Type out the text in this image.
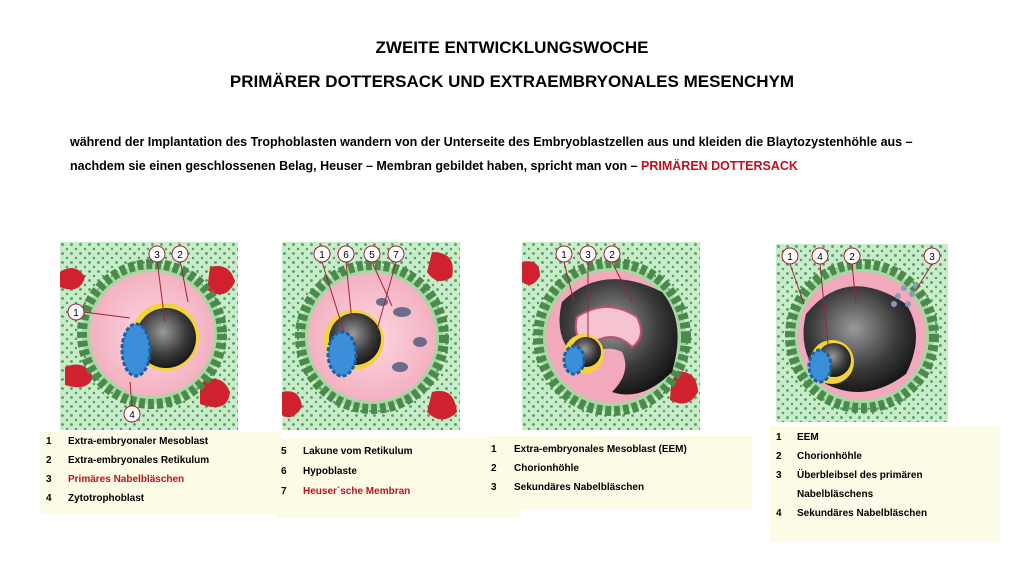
ZWEITE ENTWICKLUNGSWOCHE
PRIMÄRER DOTTERSACK UND EXTRAEMBRYONALES MESENCHYM
während der Implantation des Trophoblasten wandern von der Unterseite des Embryoblastzellen aus und kleiden die Blaytozystenhöhle aus –
nachdem sie einen geschlossenen Belag, Heuser – Membran gebildet haben, spricht man von – PRIMÄREN DOTTERSACK
3 2
1
4
1 6 5 7	1 3 2	1 4	2	3
1 Extra-embryonaler Mesoblast
2 Extra-embryonales Retikulum
3 Primäres Nabelbläschen
4 Zytotrophoblast
5 Lakune vom Retikulum
6 Hypoblaste
7 Heuser´sche Membran
1 Extra-embryonales Mesoblast (EEM)
2 Chorionhöhle
3 Sekundäres Nabelbläschen
1 EEM
2 Chorionhöhle
3 Überbleibsel des primären
Nabelbläschens
4 Sekundäres Nabelbläschen
